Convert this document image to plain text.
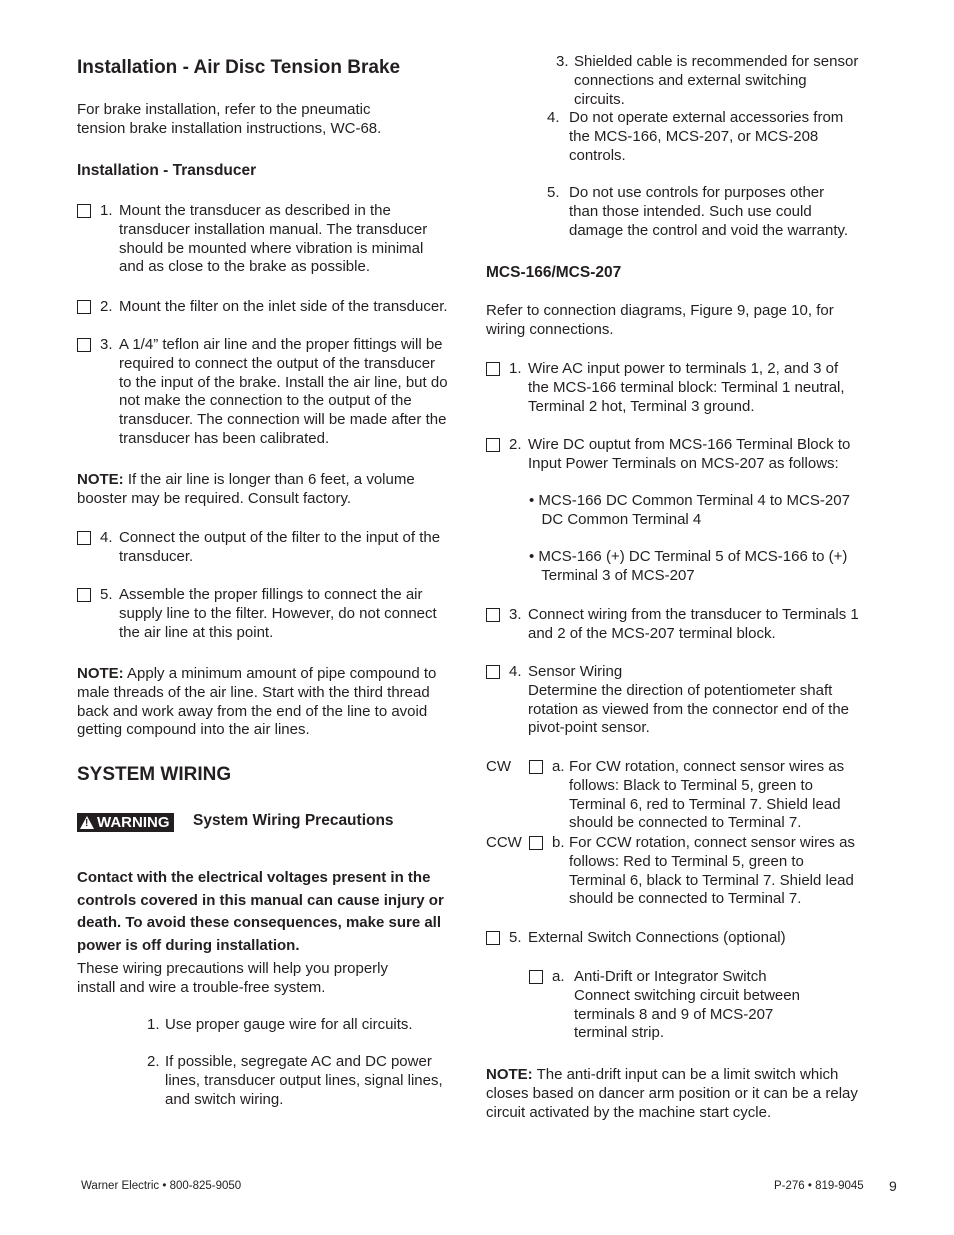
Installation - Air Disc Tension Brake

For brake installation, refer to the pneumatic
tension brake installation instructions, WC-68.

Installation - Transducer
1. Mount the transducer as described in the
transducer installation manual. The transducer
should be mounted where vibration is minimal
and as close to the brake as possible.

2. Mount the filter on the inlet side of the transducer.

3. A 1/4” teflon air line and the proper fittings will be
required to connect the output of the transducer
to the input of the brake. Install the air line, but do
not make the connection to the output of the
transducer. The connection will be made after the
transducer has been calibrated.

NOTE: If the air line is longer than 6 feet, a volume
booster may be required. Consult factory.

4. Connect the output of the filter to the input of the
transducer.

5. Assemble the proper fillings to connect the air
supply line to the filter. However, do not connect
the air line at this point.

NOTE: Apply a minimum amount of pipe compound to
male threads of the air line. Start with the third thread
back and work away from the end of the line to avoid
getting compound into the air lines.

SYSTEM WIRING
! WARNING System Wiring Precautions

Contact with the electrical voltages present in the
controls covered in this manual can cause injury or
death. To avoid these consequences, make sure all
power is off during installation.

These wiring precautions will help you properly
install and wire a trouble-free system.

1. Use proper gauge wire for all circuits.

2. If possible, segregate AC and DC power
lines, transducer output lines, signal lines,
and switch wiring.

3. Shielded cable is recommended for sensor
connections and external switching
circuits.

4. Do not operate external accessories from
the MCS-166, MCS-207, or MCS-208
controls.

5. Do not use controls for purposes other
than those intended. Such use could
damage the control and void the warranty.

MCS-166/MCS-207

Refer to connection diagrams, Figure 9, page 10, for
wiring connections.

1. Wire AC input power to terminals 1, 2, and 3 of
the MCS-166 terminal block: Terminal 1 neutral,
Terminal 2 hot, Terminal 3 ground.

2. Wire DC ouptut from MCS-166 Terminal Block to
Input Power Terminals on MCS-207 as follows:

• MCS-166 DC Common Terminal 4 to MCS-207
DC Common Terminal 4

• MCS-166 (+) DC Terminal 5 of MCS-166 to (+)
Terminal 3 of MCS-207

3. Connect wiring from the transducer to Terminals 1
and 2 of the MCS-207 terminal block.

4. Sensor Wiring
Determine the direction of potentiometer shaft
rotation as viewed from the connector end of the
pivot-point sensor.

CW	a. For CW rotation, connect sensor wires as
follows: Black to Terminal 5, green to
Terminal 6, red to Terminal 7. Shield lead
should be connected to Terminal 7.

CCW b. For CCW rotation, connect sensor wires as
follows: Red to Terminal 5, green to
Terminal 6, black to Terminal 7. Shield lead
should be connected to Terminal 7.

5. External Switch Connections (optional)

a. Anti-Drift or Integrator Switch
Connect switching circuit between
terminals 8 and 9 of MCS-207
terminal strip.

NOTE: The anti-drift input can be a limit switch which
closes based on dancer arm position or it can be a relay
circuit activated by the machine start cycle.

Warner Electric • 800-825-9050	P-276 • 819-9045 9
